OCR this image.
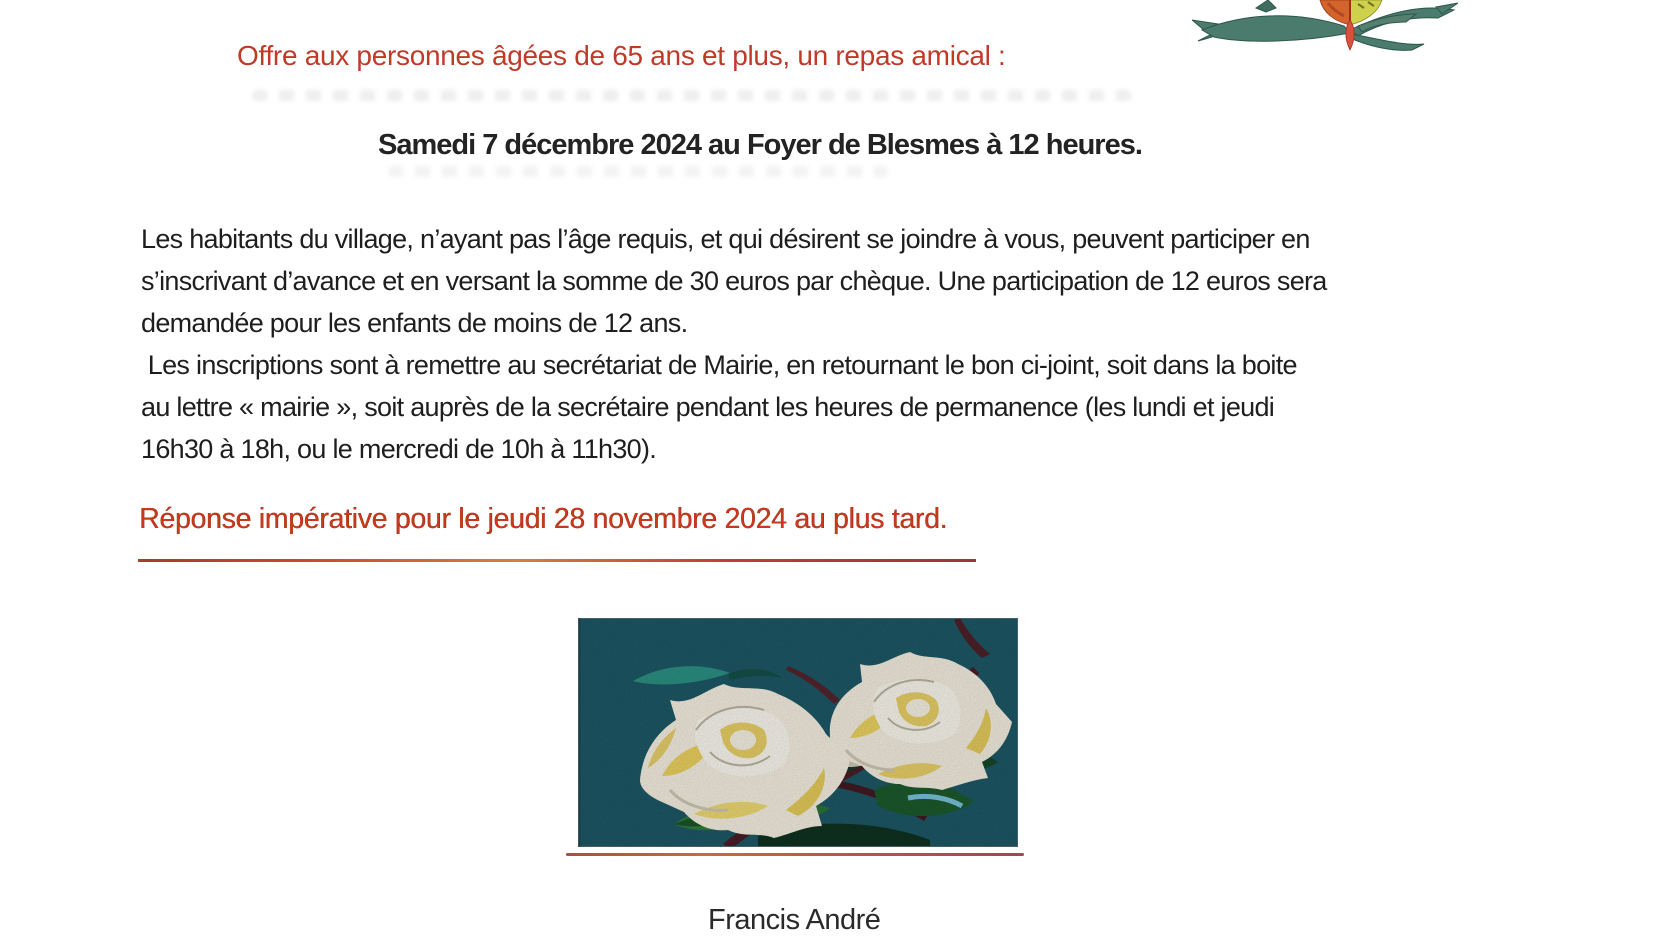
Offre aux personnes âgées de 65 ans et plus, un repas amical :
Samedi 7 décembre 2024 au Foyer de Blesmes à 12 heures.
Les habitants du village, n’ayant pas l’âge requis, et qui désirent se joindre à vous, peuvent participer en
s’inscrivant d’avance et en versant la somme de 30 euros par chèque. Une participation de 12 euros sera
demandée pour les enfants de moins de 12 ans.
Les inscriptions sont à remettre au secrétariat de Mairie, en retournant le bon ci-joint, soit dans la boite
au lettre « mairie », soit auprès de la secrétaire pendant les heures de permanence (les lundi et jeudi
16h30 à 18h, ou le mercredi de 10h à 11h30).
Réponse impérative pour le jeudi 28 novembre 2024 au plus tard.
Francis André
